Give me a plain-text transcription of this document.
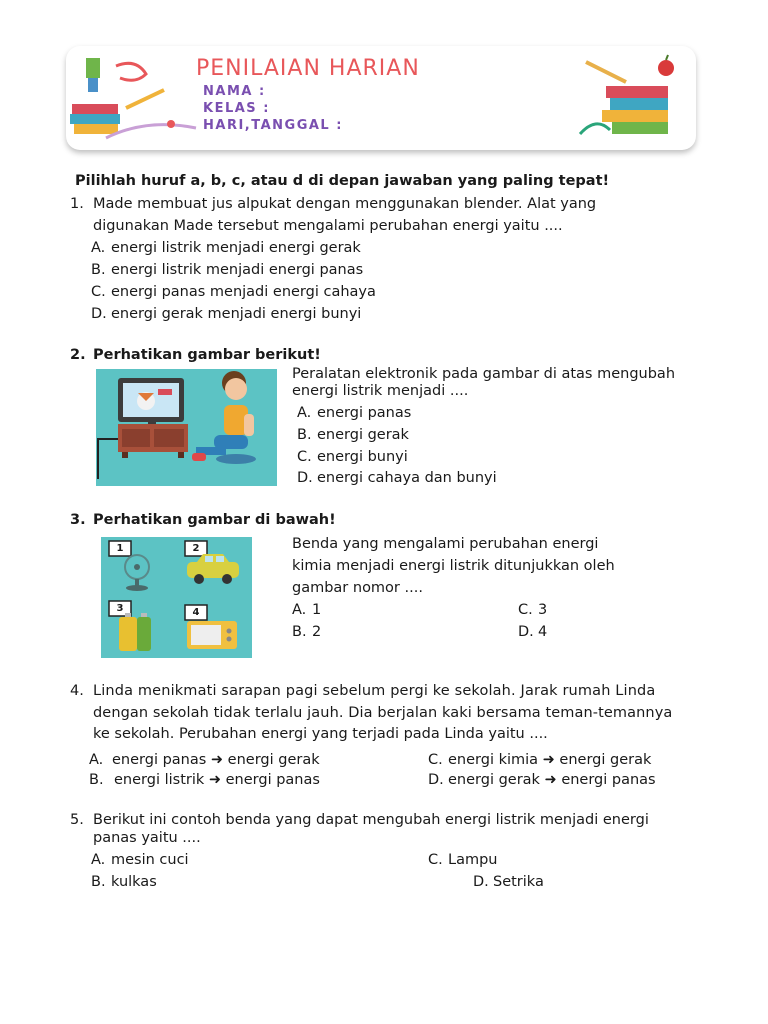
PENILAIAN HARIAN
NAMA :
KELAS :
HARI,TANGGAL :
Pilihlah huruf a, b, c, atau d di depan jawaban yang paling tepat!
1. Made membuat jus alpukat dengan menggunakan blender. Alat yang
digunakan Made tersebut mengalami perubahan energi yaitu ....
A. energi listrik menjadi energi gerak
B. energi listrik menjadi energi panas
C. energi panas menjadi energi cahaya
D. energi gerak menjadi energi bunyi
2. Perhatikan gambar berikut!
Peralatan elektronik pada gambar di atas mengubah
energi listrik menjadi ....
A. energi panas
B. energi gerak
C. energi bunyi
D. energi cahaya dan bunyi
3. Perhatikan gambar di bawah!
1	2
3	4
Benda yang mengalami perubahan energi
kimia menjadi energi listrik ditunjukkan oleh
gambar nomor ....
A. 1
B. 2
C. 3
D. 4
4. Linda menikmati sarapan pagi sebelum pergi ke sekolah. Jarak rumah Linda
dengan sekolah tidak terlalu jauh. Dia berjalan kaki bersama teman-temannya
ke sekolah. Perubahan energi yang terjadi pada Linda yaitu ....
A. energi panas ➜ energi gerak
B. energi listrik ➜ energi panas
C. energi kimia ➜ energi gerak
D. energi gerak ➜ energi panas
5. Berikut ini contoh benda yang dapat mengubah energi listrik menjadi energi
panas yaitu ....
A. mesin cuci
B. kulkas
C. Lampu
D. Setrika
